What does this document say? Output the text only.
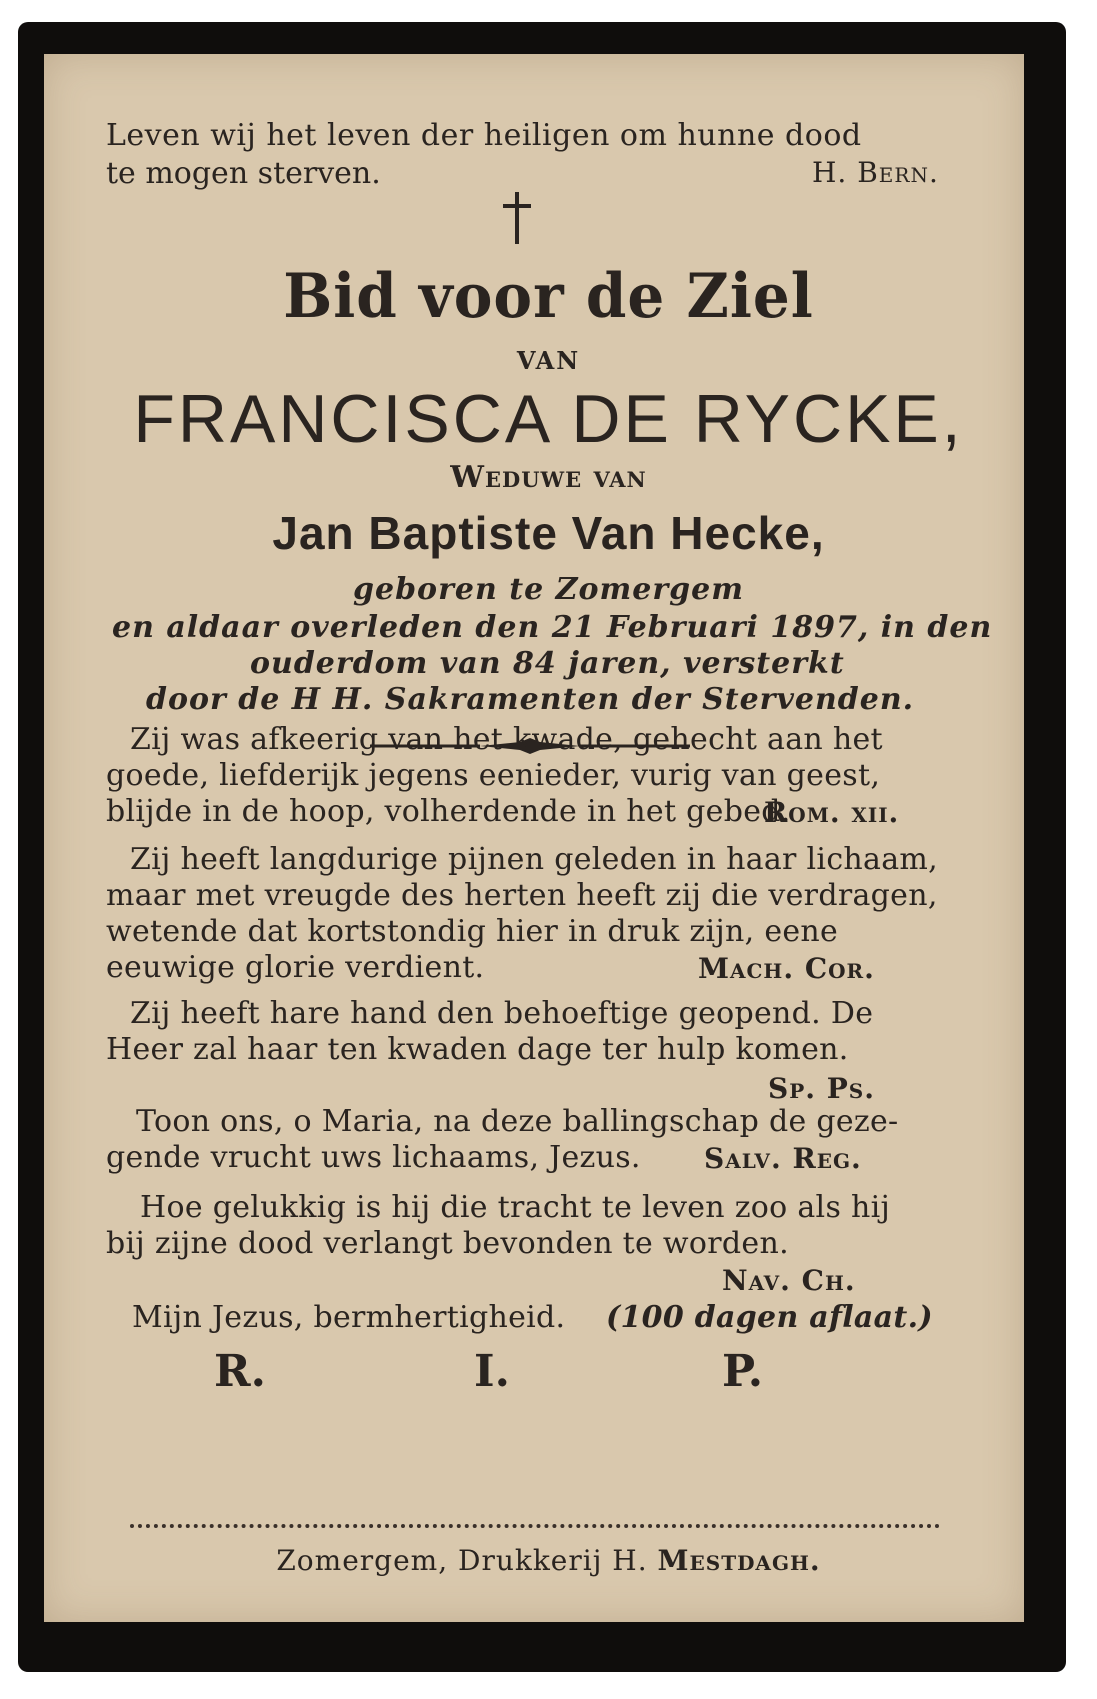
Leven wij het leven der heiligen om hunne dood
te mogen sterven.	H. Bern.
Bid voor de Ziel
VAN
FRANCISCA DE RYCKE,
Weduwe van
Jan Baptiste Van Hecke,
geboren te Zomergem
en aldaar overleden den 21 Februari 1897, in den
ouderdom van 84 jaren, versterkt
door de H H. Sakramenten der Stervenden.
Zij was afkeerig van het kwade, gehecht aan het
goede, liefderijk jegens eenieder, vurig van geest,
blijde in de hoop, volherdende in het gebed.
Rom. xii.
Zij heeft langdurige pijnen geleden in haar lichaam,
maar met vreugde des herten heeft zij die verdragen,
wetende dat kortstondig hier in druk zijn, eene
eeuwige glorie verdient.	Mach. Cor.
Zij heeft hare hand den behoeftige geopend. De
Heer zal haar ten kwaden dage ter hulp komen.
Sp. Ps.
Toon ons, o Maria, na deze ballingschap de geze-
gende vrucht uws lichaams, Jezus. Salv. Reg.
Hoe gelukkig is hij die tracht te leven zoo als hij
bij zijne dood verlangt bevonden te worden.
Nav. Ch.
Mijn Jezus, bermhertigheid. (100 dagen aflaat.)
R.	I.	P.
Zomergem, Drukkerij H. Mestdagh.
